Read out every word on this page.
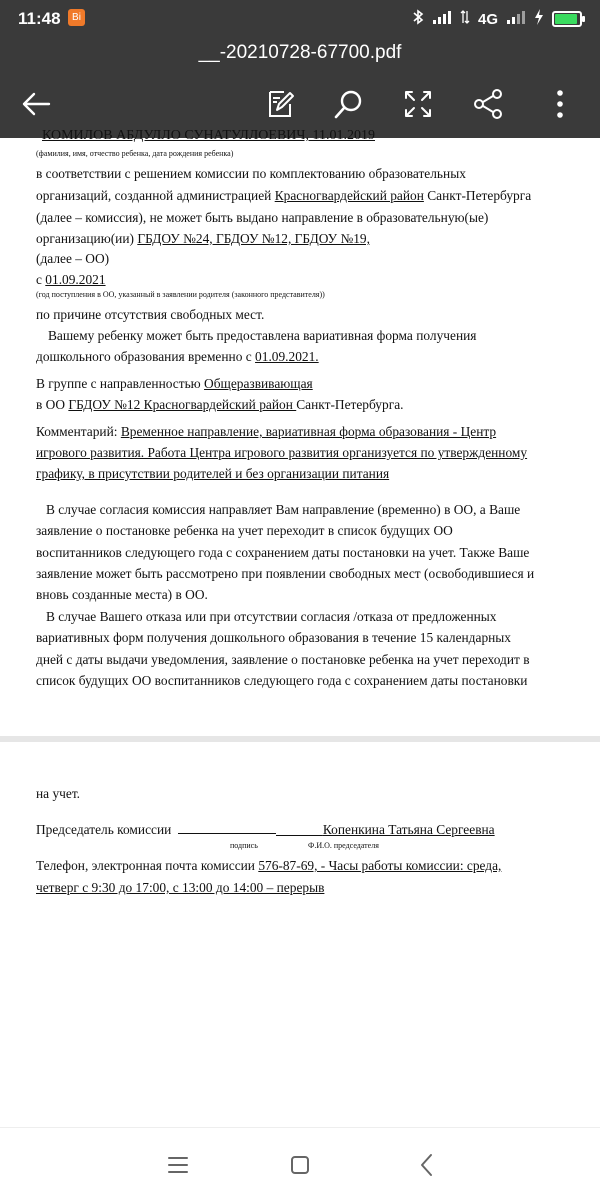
11:48	Bi	4G
__-20210728-67700.pdf
КОМИЛОВ АБДУЛЛО СУНАТУЛЛОЕВИЧ, 11.01.2019
(фамилия, имя, отчество ребенка, дата рождения ребенка)
в соответствии с решением комиссии по комплектованию образовательных
организаций, созданной администрацией Красногвардейский район Санкт-Петербурга
(далее – комиссия), не может быть выдано направление в образовательную(ые)
организацию(ии) ГБДОУ №24, ГБДОУ №12, ГБДОУ №19,
(далее – ОО)
с 01.09.2021
(год поступления в ОО, указанный в заявлении родителя (законного представителя))
по причине отсутствия свободных мест.
Вашему ребенку может быть предоставлена вариативная форма получения
дошкольного образования временно с 01.09.2021.
В группе с направленностью Общеразвивающая
в ОО ГБДОУ №12 Красногвардейский район Санкт-Петербурга.
Комментарий: Временное направление, вариативная форма образования - Центр
игрового развития. Работа Центра игрового развития организуется по утвержденному
графику, в присутствии родителей и без организации питания
В случае согласия комиссия направляет Вам направление (временно) в ОО, а Ваше
заявление о постановке ребенка на учет переходит в список будущих ОО
воспитанников следующего года с сохранением даты постановки на учет. Также Ваше
заявление может быть рассмотрено при появлении свободных мест (освободившиеся и
вновь созданные места) в ОО.
В случае Вашего отказа или при отсутствии согласия /отказа от предложенных
вариативных форм получения дошкольного образования в течение 15 календарных
дней с даты выдачи уведомления, заявление о постановке ребенка на учет переходит в
список будущих ОО воспитанников следующего года с сохранением даты постановки
на учет.
Председатель комиссии	Копенкина Татьяна Сергеевна
подпись	Ф.И.О. председателя
Телефон, электронная почта комиссии 576-87-69, - Часы работы комиссии: среда,
четверг с 9:30 до 17:00, с 13:00 до 14:00 – перерыв
